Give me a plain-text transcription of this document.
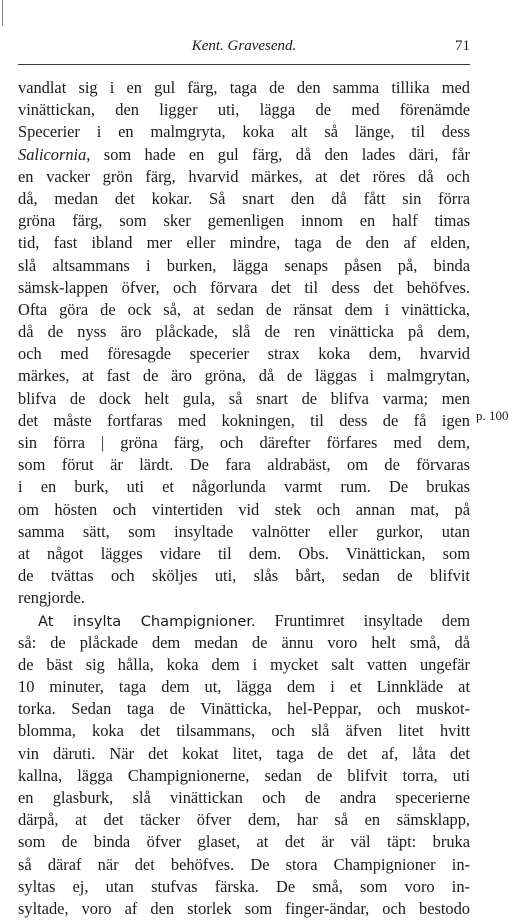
Kent. Gravesend.	71
p. 100
vandlat sig i en gul färg, taga de den samma tillika med
vinättickan, den ligger uti, lägga de med förenämde
Specerier i en malmgryta, koka alt så länge, til dess
Salicornia, som hade en gul färg, då den lades däri, får
en vacker grön färg, hvarvid märkes, at det röres då och
då, medan det kokar. Så snart den då fått sin förra
gröna färg, som sker gemenligen innom en half timas
tid, fast ibland mer eller mindre, taga de den af elden,
slå altsammans i burken, lägga senaps påsen på, binda
sämsk-lappen öfver, och förvara det til dess det behöfves.
Ofta göra de ock så, at sedan de ränsat dem i vinätticka,
då de nyss äro plåckade, slå de ren vinätticka på dem,
och med föresagde specerier strax koka dem, hvarvid
märkes, at fast de äro gröna, då de läggas i malmgrytan,
blifva de dock helt gula, så snart de blifva varma; men
det måste fortfaras med kokningen, til dess de få igen
sin förra | gröna färg, och därefter förfares med dem,
som förut är lärdt. De fara aldrabäst, om de förvaras
i en burk, uti et någorlunda varmt rum. De brukas
om hösten och vintertiden vid stek och annan mat, på
samma sätt, som insyltade valnötter eller gurkor, utan
at något lägges vidare til dem. Obs. Vinättickan, som
de tvättas och sköljes uti, slås bårt, sedan de blifvit
rengjorde.
At insylta Champignioner. Fruntimret insyltade dem
så: de plåckade dem medan de ännu voro helt små, då
de bäst sig hålla, koka dem i mycket salt vatten ungefär
10 minuter, taga dem ut, lägga dem i et Linnkläde at
torka. Sedan taga de Vinätticka, hel-Peppar, och muskot-
blomma, koka det tilsammans, och slå äfven litet hvitt
vin däruti. När det kokat litet, taga de det af, låta det
kallna, lägga Champignionerne, sedan de blifvit torra, uti
en glasburk, slå vinättickan och de andra specerierne
därpå, at det täcker öfver dem, har så en sämsklapp,
som de binda öfver glaset, at det är väl täpt: bruka
så däraf när det behöfves. De stora Champignioner in-
syltas ej, utan stufvas färska. De små, som voro in-
syltade, voro af den storlek som finger-ändar, och bestodo
